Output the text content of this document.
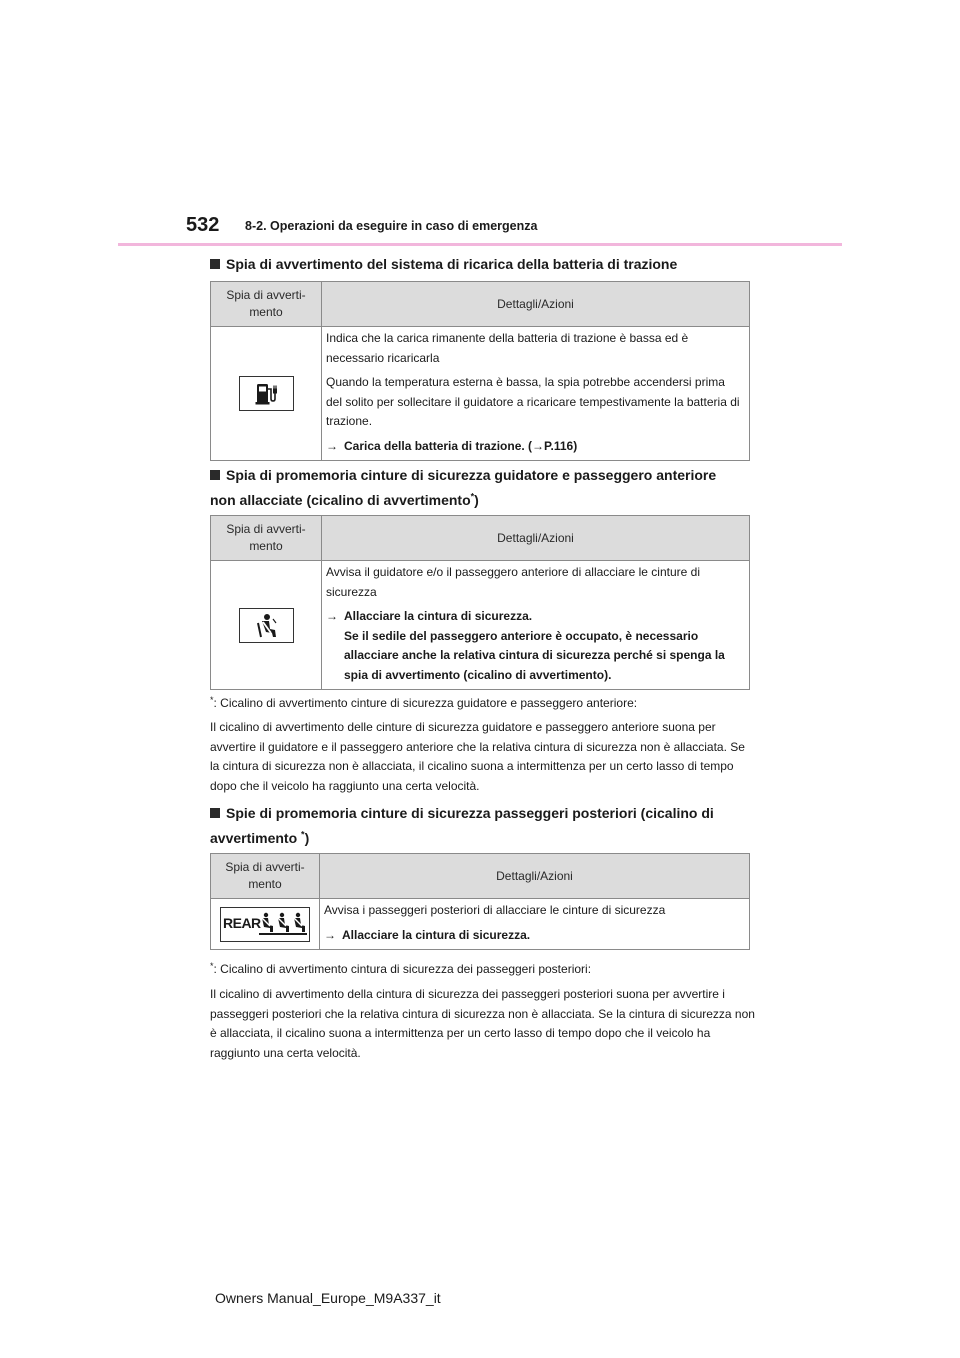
532 8-2. Operazioni da eseguire in caso di emergenza
Spia di avvertimento del sistema di ricarica della batteria di trazione
Spia di avverti- mento	Dettagli/Azioni

Indica che la carica rimanente della batteria di trazione è bassa ed è necessario ricaricarla
Quando la temperatura esterna è bassa, la spia potrebbe accendersi prima del solito per sollecitare il guidatore a ricaricare tempestivamente la batteria di trazione.
→ Carica della batteria di trazione. (→P.116)
Spia di promemoria cinture di sicurezza guidatore e passeggero anteriore
non allacciate (cicalino di avvertimento*)
Spia di avverti- mento	Dettagli/Azioni

Avvisa il guidatore e/o il passeggero anteriore di allacciare le cinture di sicurezza
→ Allacciare la cintura di sicurezza.
Se il sedile del passeggero anteriore è occupato, è necessario allacciare anche la relativa cintura di sicurezza perché si spenga la spia di avvertimento (cicalino di avvertimento).
*: Cicalino di avvertimento cinture di sicurezza guidatore e passeggero anteriore:
Il cicalino di avvertimento delle cinture di sicurezza guidatore e passeggero anteriore suona per avvertire il guidatore e il passeggero anteriore che la relativa cintura di sicurezza non è allacciata. Se la cintura di sicurezza non è allacciata, il cicalino suona a intermittenza per un certo lasso di tempo dopo che il veicolo ha raggiunto una certa velocità.
Spie di promemoria cinture di sicurezza passeggeri posteriori (cicalino di
avvertimento *)
Spia di avverti- mento	Dettagli/Azioni

REAR	Avvisa i passeggeri posteriori di allacciare le cinture di sicurezza
→ Allacciare la cintura di sicurezza.
*: Cicalino di avvertimento cintura di sicurezza dei passeggeri posteriori:
Il cicalino di avvertimento della cintura di sicurezza dei passeggeri posteriori suona per avvertire i passeggeri posteriori che la relativa cintura di sicurezza non è allacciata. Se la cintura di sicurezza non è allacciata, il cicalino suona a intermittenza per un certo lasso di tempo dopo che il veicolo ha raggiunto una certa velocità.
Owners Manual_Europe_M9A337_it
